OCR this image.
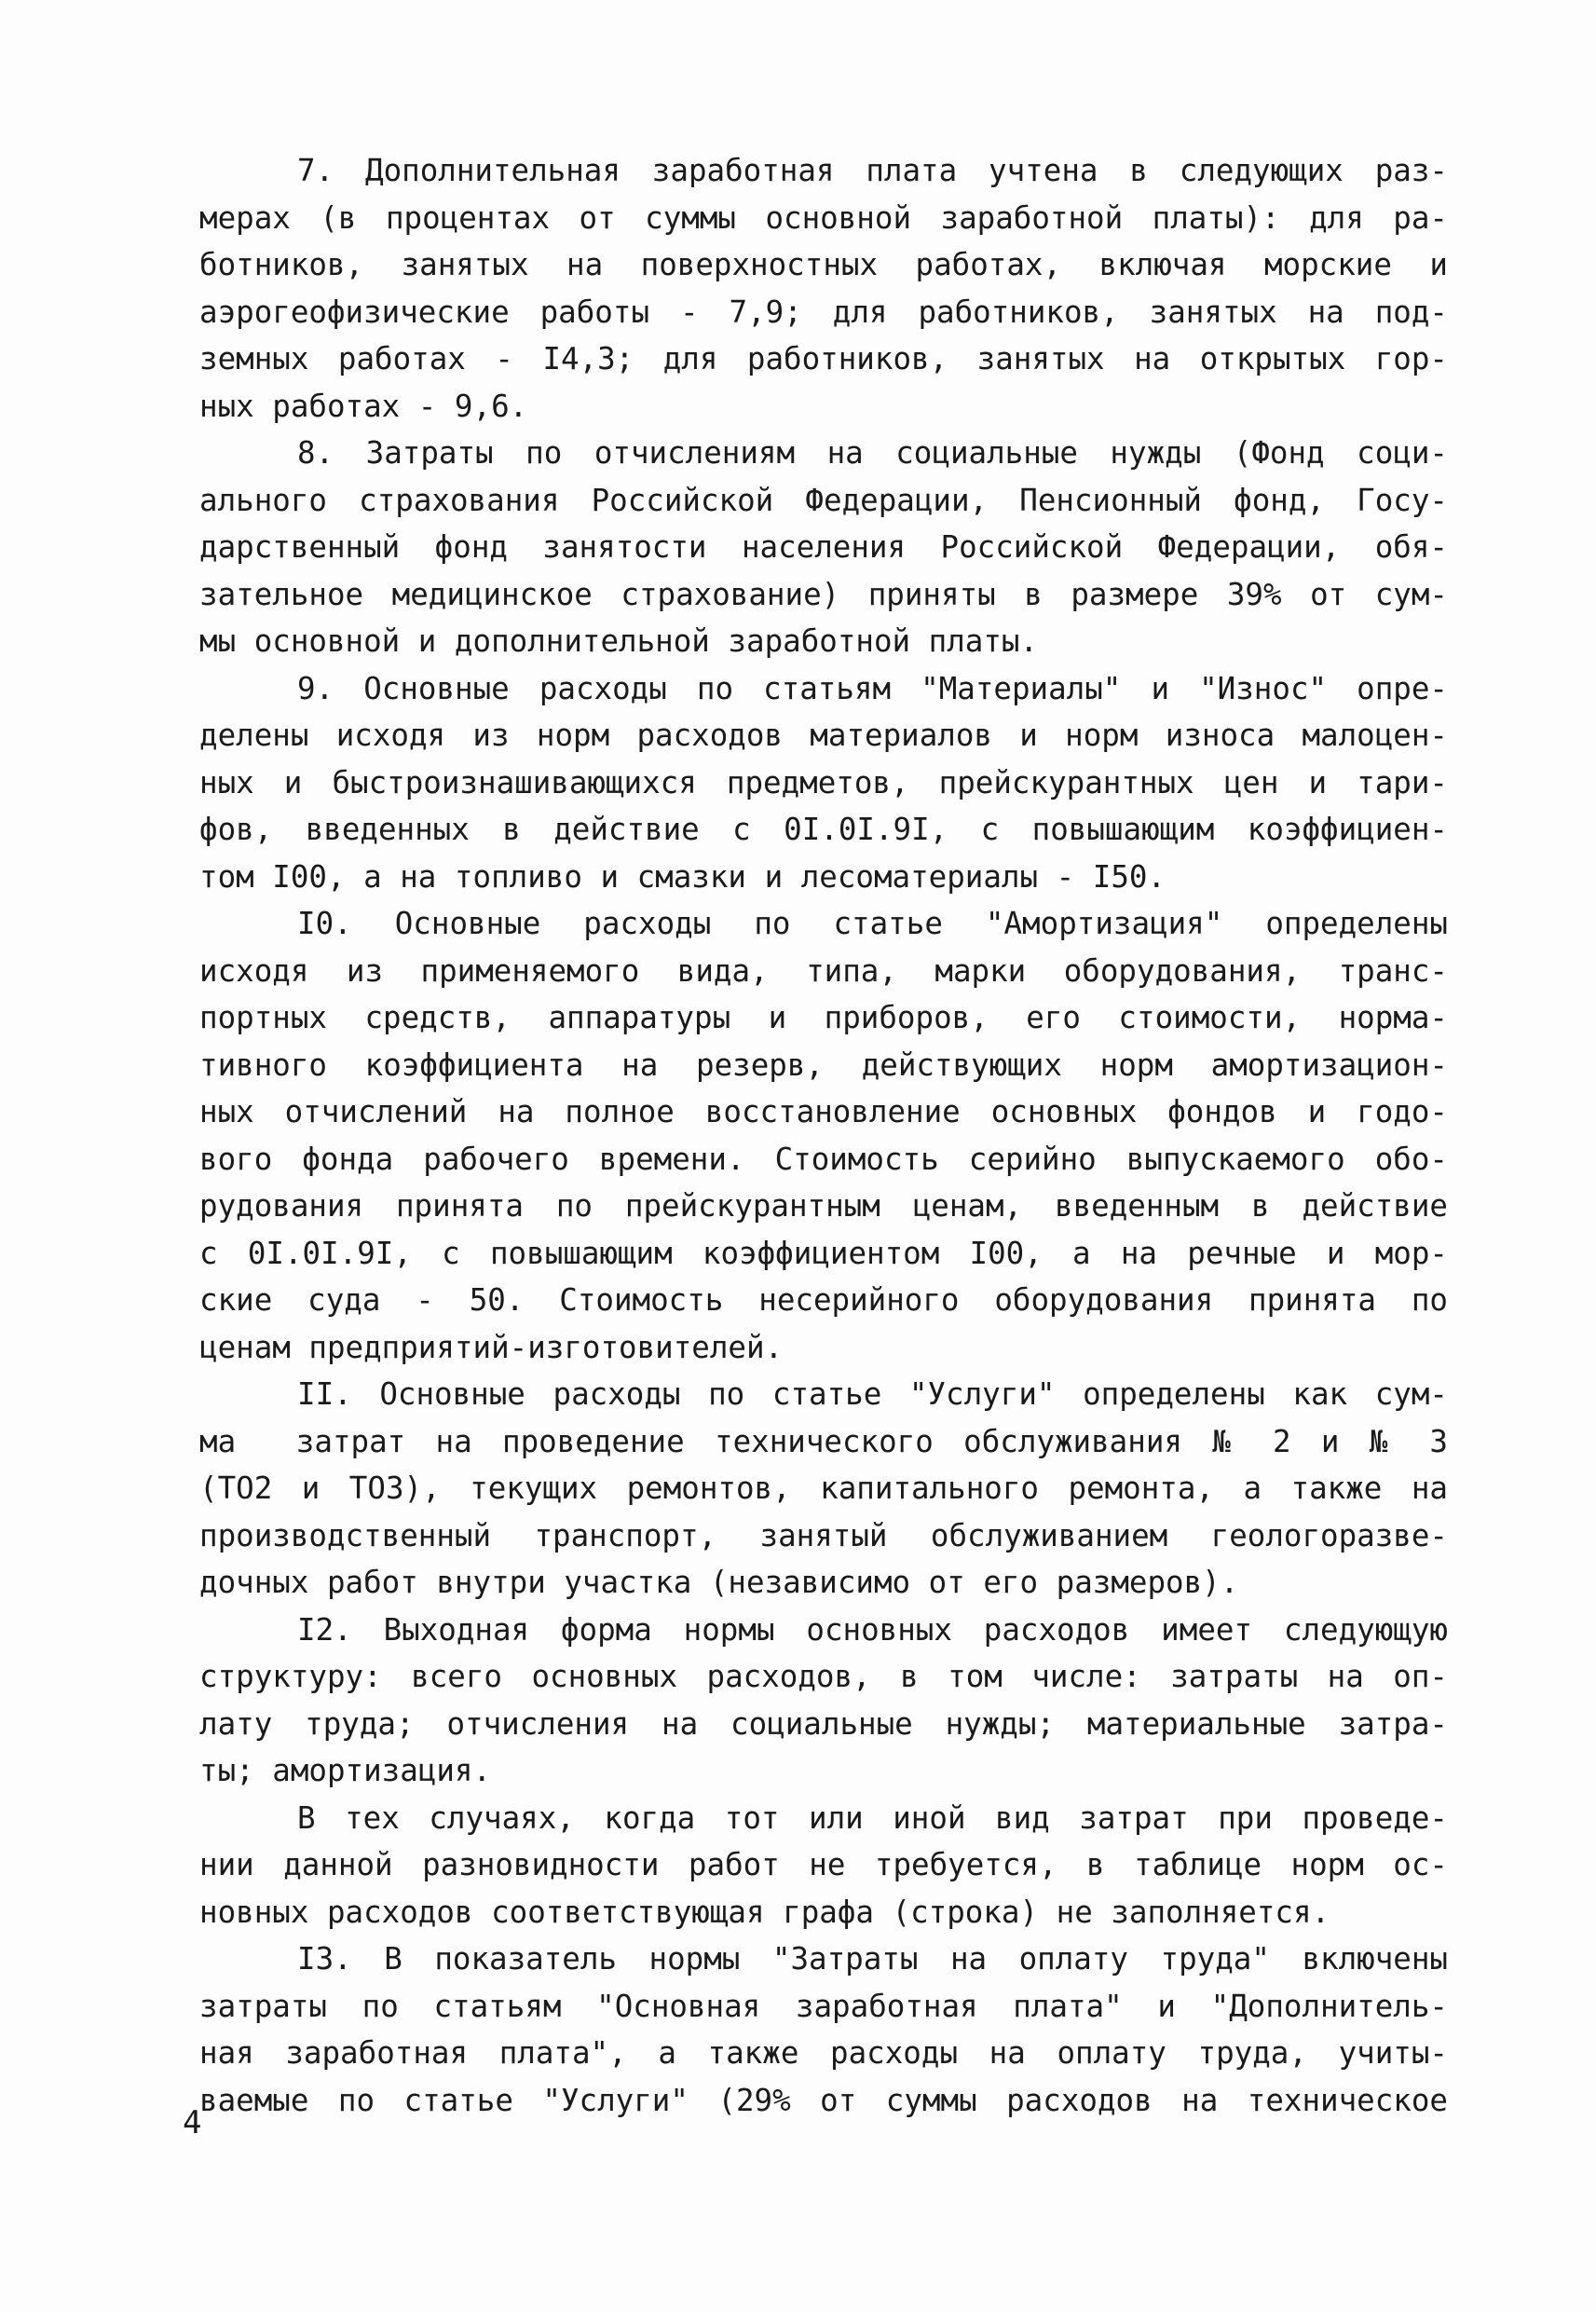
7. Дополнительная заработная плата учтена в следующих раз-
мерах (в процентах от суммы основной заработной платы): для ра-
ботников, занятых на поверхностных работах, включая морские и
аэрогеофизические работы - 7,9; для работников, занятых на под-
земных работах - I4,3; для работников, занятых на открытых гор-
ных работах - 9,6.
8. Затраты по отчислениям на социальные нужды (Фонд соци-
ального страхования Российской Федерации, Пенсионный фонд, Госу-
дарственный фонд занятости населения Российской Федерации, обя-
зательное медицинское страхование) приняты в размере 39% от сум-
мы основной и дополнительной заработной платы.
9. Основные расходы по статьям "Материалы" и "Износ" опре-
делены исходя из норм расходов материалов и норм износа малоцен-
ных и быстроизнашивающихся предметов, прейскурантных цен и тари-
фов, введенных в действие с 0I.0I.9I, с повышающим коэффициен-
том I00, а на топливо и смазки и лесоматериалы - I50.
I0. Основные расходы по статье "Амортизация" определены
исходя из применяемого вида, типа, марки оборудования, транс-
портных средств, аппаратуры и приборов, его стоимости, норма-
тивного коэффициента на резерв, действующих норм амортизацион-
ных отчислений на полное восстановление основных фондов и годо-
вого фонда рабочего времени. Стоимость серийно выпускаемого обо-
рудования принята по прейскурантным ценам, введенным в действие
с 0I.0I.9I, с повышающим коэффициентом I00, а на речные и мор-
ские суда - 50. Стоимость несерийного оборудования принята по
ценам предприятий-изготовителей.
II. Основные расходы по статье "Услуги" определены как сум-
ма  затрат на проведение технического обслуживания № 2 и № 3
(ТО2 и ТО3), текущих ремонтов, капитального ремонта, а также на
производственный транспорт, занятый обслуживанием геологоразве-
дочных работ внутри участка (независимо от его размеров).
I2. Выходная форма нормы основных расходов имеет следующую
структуру: всего основных расходов, в том числе: затраты на оп-
лату труда; отчисления на социальные нужды; материальные затра-
ты; амортизация.
В тех случаях, когда тот или иной вид затрат при проведе-
нии данной разновидности работ не требуется, в таблице норм ос-
новных расходов соответствующая графа (строка) не заполняется.
I3. В показатель нормы "Затраты на оплату труда" включены
затраты по статьям "Основная заработная плата" и "Дополнитель-
ная заработная плата", а также расходы на оплату труда, учиты-
ваемые по статье "Услуги" (29% от суммы расходов на техническое
4
